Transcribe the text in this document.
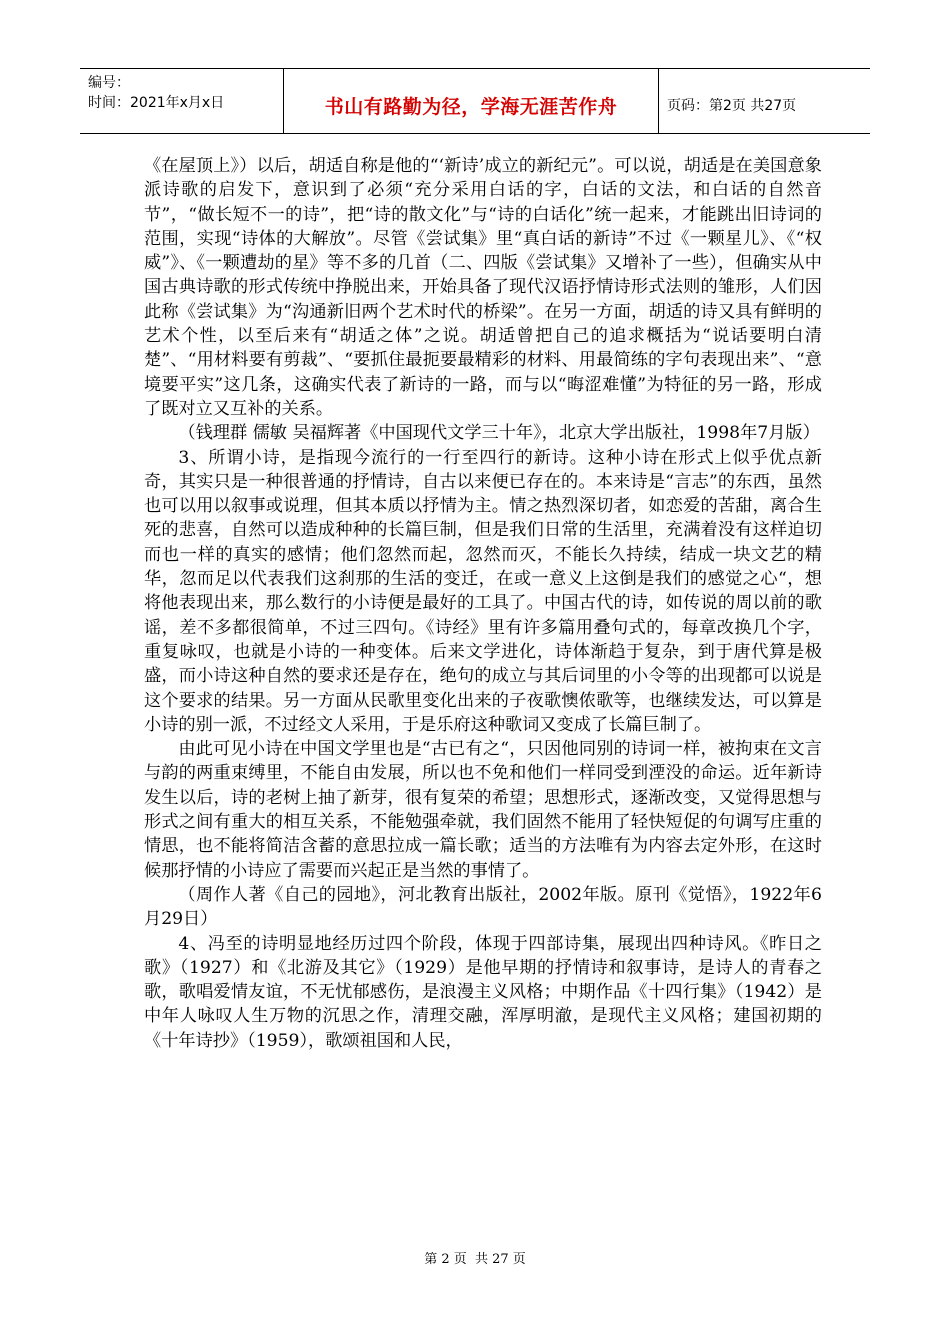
编号：
时间：2021年x月x日	书山有路勤为径，学海无涯苦作舟	页码：第2页 共27页

《在屋顶上》）以后，胡适自称是他的“‘新诗’成立的新纪元”。可以说，胡适是在美国意象派诗歌的启发下，意识到了必须“充分采用白话的字，白话的文法，和白话的自然音节”，“做长短不一的诗”，把“诗的散文化”与“诗的白话化”统一起来，才能跳出旧诗词的范围，实现“诗体的大解放”。尽管《尝试集》里“真白话的新诗”不过《一颗星儿》、《“权威”》、《一颗遭劫的星》等不多的几首（二、四版《尝试集》又增补了一些），但确实从中国古典诗歌的形式传统中挣脱出来，开始具备了现代汉语抒情诗形式法则的雏形，人们因此称《尝试集》为“沟通新旧两个艺术时代的桥梁”。在另一方面，胡适的诗又具有鲜明的艺术个性，以至后来有“胡适之体”之说。胡适曾把自己的追求概括为“说话要明白清楚”、“用材料要有剪裁”、“要抓住最扼要最精彩的材料、用最简练的字句表现出来”、“意境要平实”这几条，这确实代表了新诗的一路，而与以“晦涩难懂”为特征的另一路，形成了既对立又互补的关系。

（钱理群 儒敏 吴福辉著《中国现代文学三十年》，北京大学出版社，1998年7月版）

3、所谓小诗，是指现今流行的一行至四行的新诗。这种小诗在形式上似乎优点新奇，其实只是一种很普通的抒情诗，自古以来便已存在的。本来诗是“言志”的东西，虽然也可以用以叙事或说理，但其本质以抒情为主。情之热烈深切者，如恋爱的苦甜，离合生死的悲喜，自然可以造成种种的长篇巨制，但是我们日常的生活里，充满着没有这样迫切而也一样的真实的感情；他们忽然而起，忽然而灭，不能长久持续，结成一块文艺的精华，忽而足以代表我们这刹那的生活的变迁，在或一意义上这倒是我们的感觉之心“，想将他表现出来，那么数行的小诗便是最好的工具了。中国古代的诗，如传说的周以前的歌谣，差不多都很简单，不过三四句。《诗经》里有许多篇用叠句式的，每章改换几个字，重复咏叹，也就是小诗的一种变体。后来文学进化，诗体渐趋于复杂，到于唐代算是极盛，而小诗这种自然的要求还是存在，绝句的成立与其后词里的小令等的出现都可以说是这个要求的结果。另一方面从民歌里变化出来的子夜歌懊侬歌等，也继续发达，可以算是小诗的别一派，不过经文人采用，于是乐府这种歌词又变成了长篇巨制了。

由此可见小诗在中国文学里也是“古已有之“，只因他同别的诗词一样，被拘束在文言与韵的两重束缚里，不能自由发展，所以也不免和他们一样同受到湮没的命运。近年新诗发生以后，诗的老树上抽了新芽，很有复荣的希望；思想形式，逐渐改变，又觉得思想与形式之间有重大的相互关系，不能勉强牵就，我们固然不能用了轻快短促的句调写庄重的情思，也不能将简洁含蓄的意思拉成一篇长歌；适当的方法唯有为内容去定外形，在这时候那抒情的小诗应了需要而兴起正是当然的事情了。

（周作人著《自己的园地》，河北教育出版社，2002年版。原刊《觉悟》，1922年6月29日）

4、冯至的诗明显地经历过四个阶段，体现于四部诗集，展现出四种诗风。《昨日之歌》（1927）和《北游及其它》（1929）是他早期的抒情诗和叙事诗，是诗人的青春之歌，歌唱爱情友谊，不无忧郁感伤，是浪漫主义风格；中期作品《十四行集》（1942）是中年人咏叹人生万物的沉思之作，清理交融，浑厚明澈，是现代主义风格；建国初期的《十年诗抄》（1959），歌颂祖国和人民，

第 2 页  共 27 页
